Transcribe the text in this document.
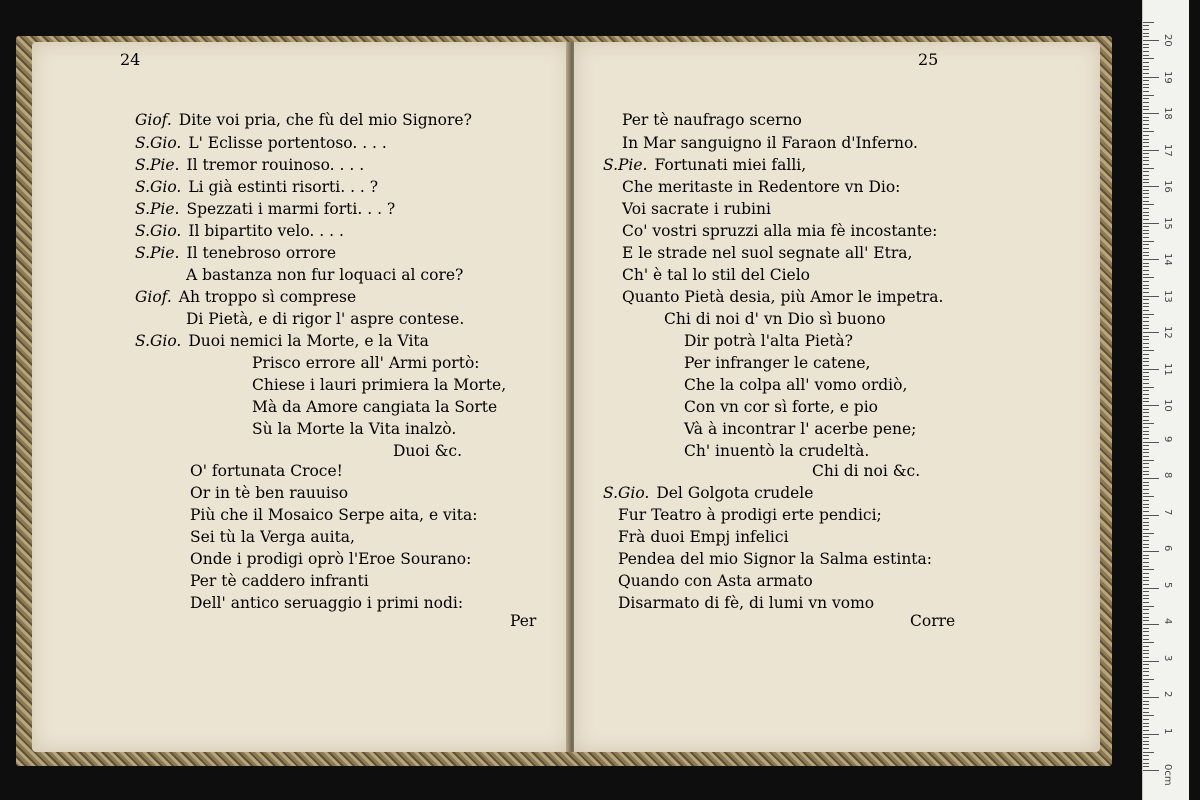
24	25
Giof. Dite voi pria, che fù del mio Signore?
S.Gio. L' Eclisse portentoso. . . .
S.Pie. Il tremor rouinoso. . . .
S.Gio. Li già estinti risorti. . . ?
S.Pie. Spezzati i marmi forti. . . ?
S.Gio. Il bipartito velo. . . .
S.Pie. Il tenebroso orrore
A bastanza non fur loquaci al core?
Giof. Ah troppo sì comprese
Di Pietà, e di rigor l' aspre contese.
S.Gio. Duoi nemici la Morte, e la Vita
Prisco errore all' Armi portò:
Chiese i lauri primiera la Morte,
Mà da Amore cangiata la Sorte
Sù la Morte la Vita inalzò.
Duoi &c.
O' fortunata Croce!
Or in tè ben rauuiso
Più che il Mosaico Serpe aita, e vita:
Sei tù la Verga auita,
Onde i prodigi oprò l'Eroe Sourano:
Per tè caddero infranti
Dell' antico seruaggio i primi nodi:
Per
Per tè naufrago scerno
In Mar sanguigno il Faraon d'Inferno.
S.Pie. Fortunati miei falli,
Che meritaste in Redentore vn Dio:
Voi sacrate i rubini
Co' vostri spruzzi alla mia fè incostante:
E le strade nel suol segnate all' Etra,
Ch' è tal lo stil del Cielo
Quanto Pietà desia, più Amor le impetra.
Chi di noi d' vn Dio sì buono
Dir potrà l'alta Pietà?
Per infranger le catene,
Che la colpa all' vomo ordiò,
Con vn cor sì forte, e pio
Và à incontrar l' acerbe pene;
Ch' inuentò la crudeltà.
Chi di noi &c.
S.Gio. Del Golgota crudele
Fur Teatro à prodigi erte pendici;
Frà duoi Empj infelici
Pendea del mio Signor la Salma estinta:
Quando con Asta armato
Disarmato di fè, di lumi vn vomo
Corre
0cm
1
2
3
4
5
6
7
8
9
10
11
12
13
14
15
16
17
18
19
20
